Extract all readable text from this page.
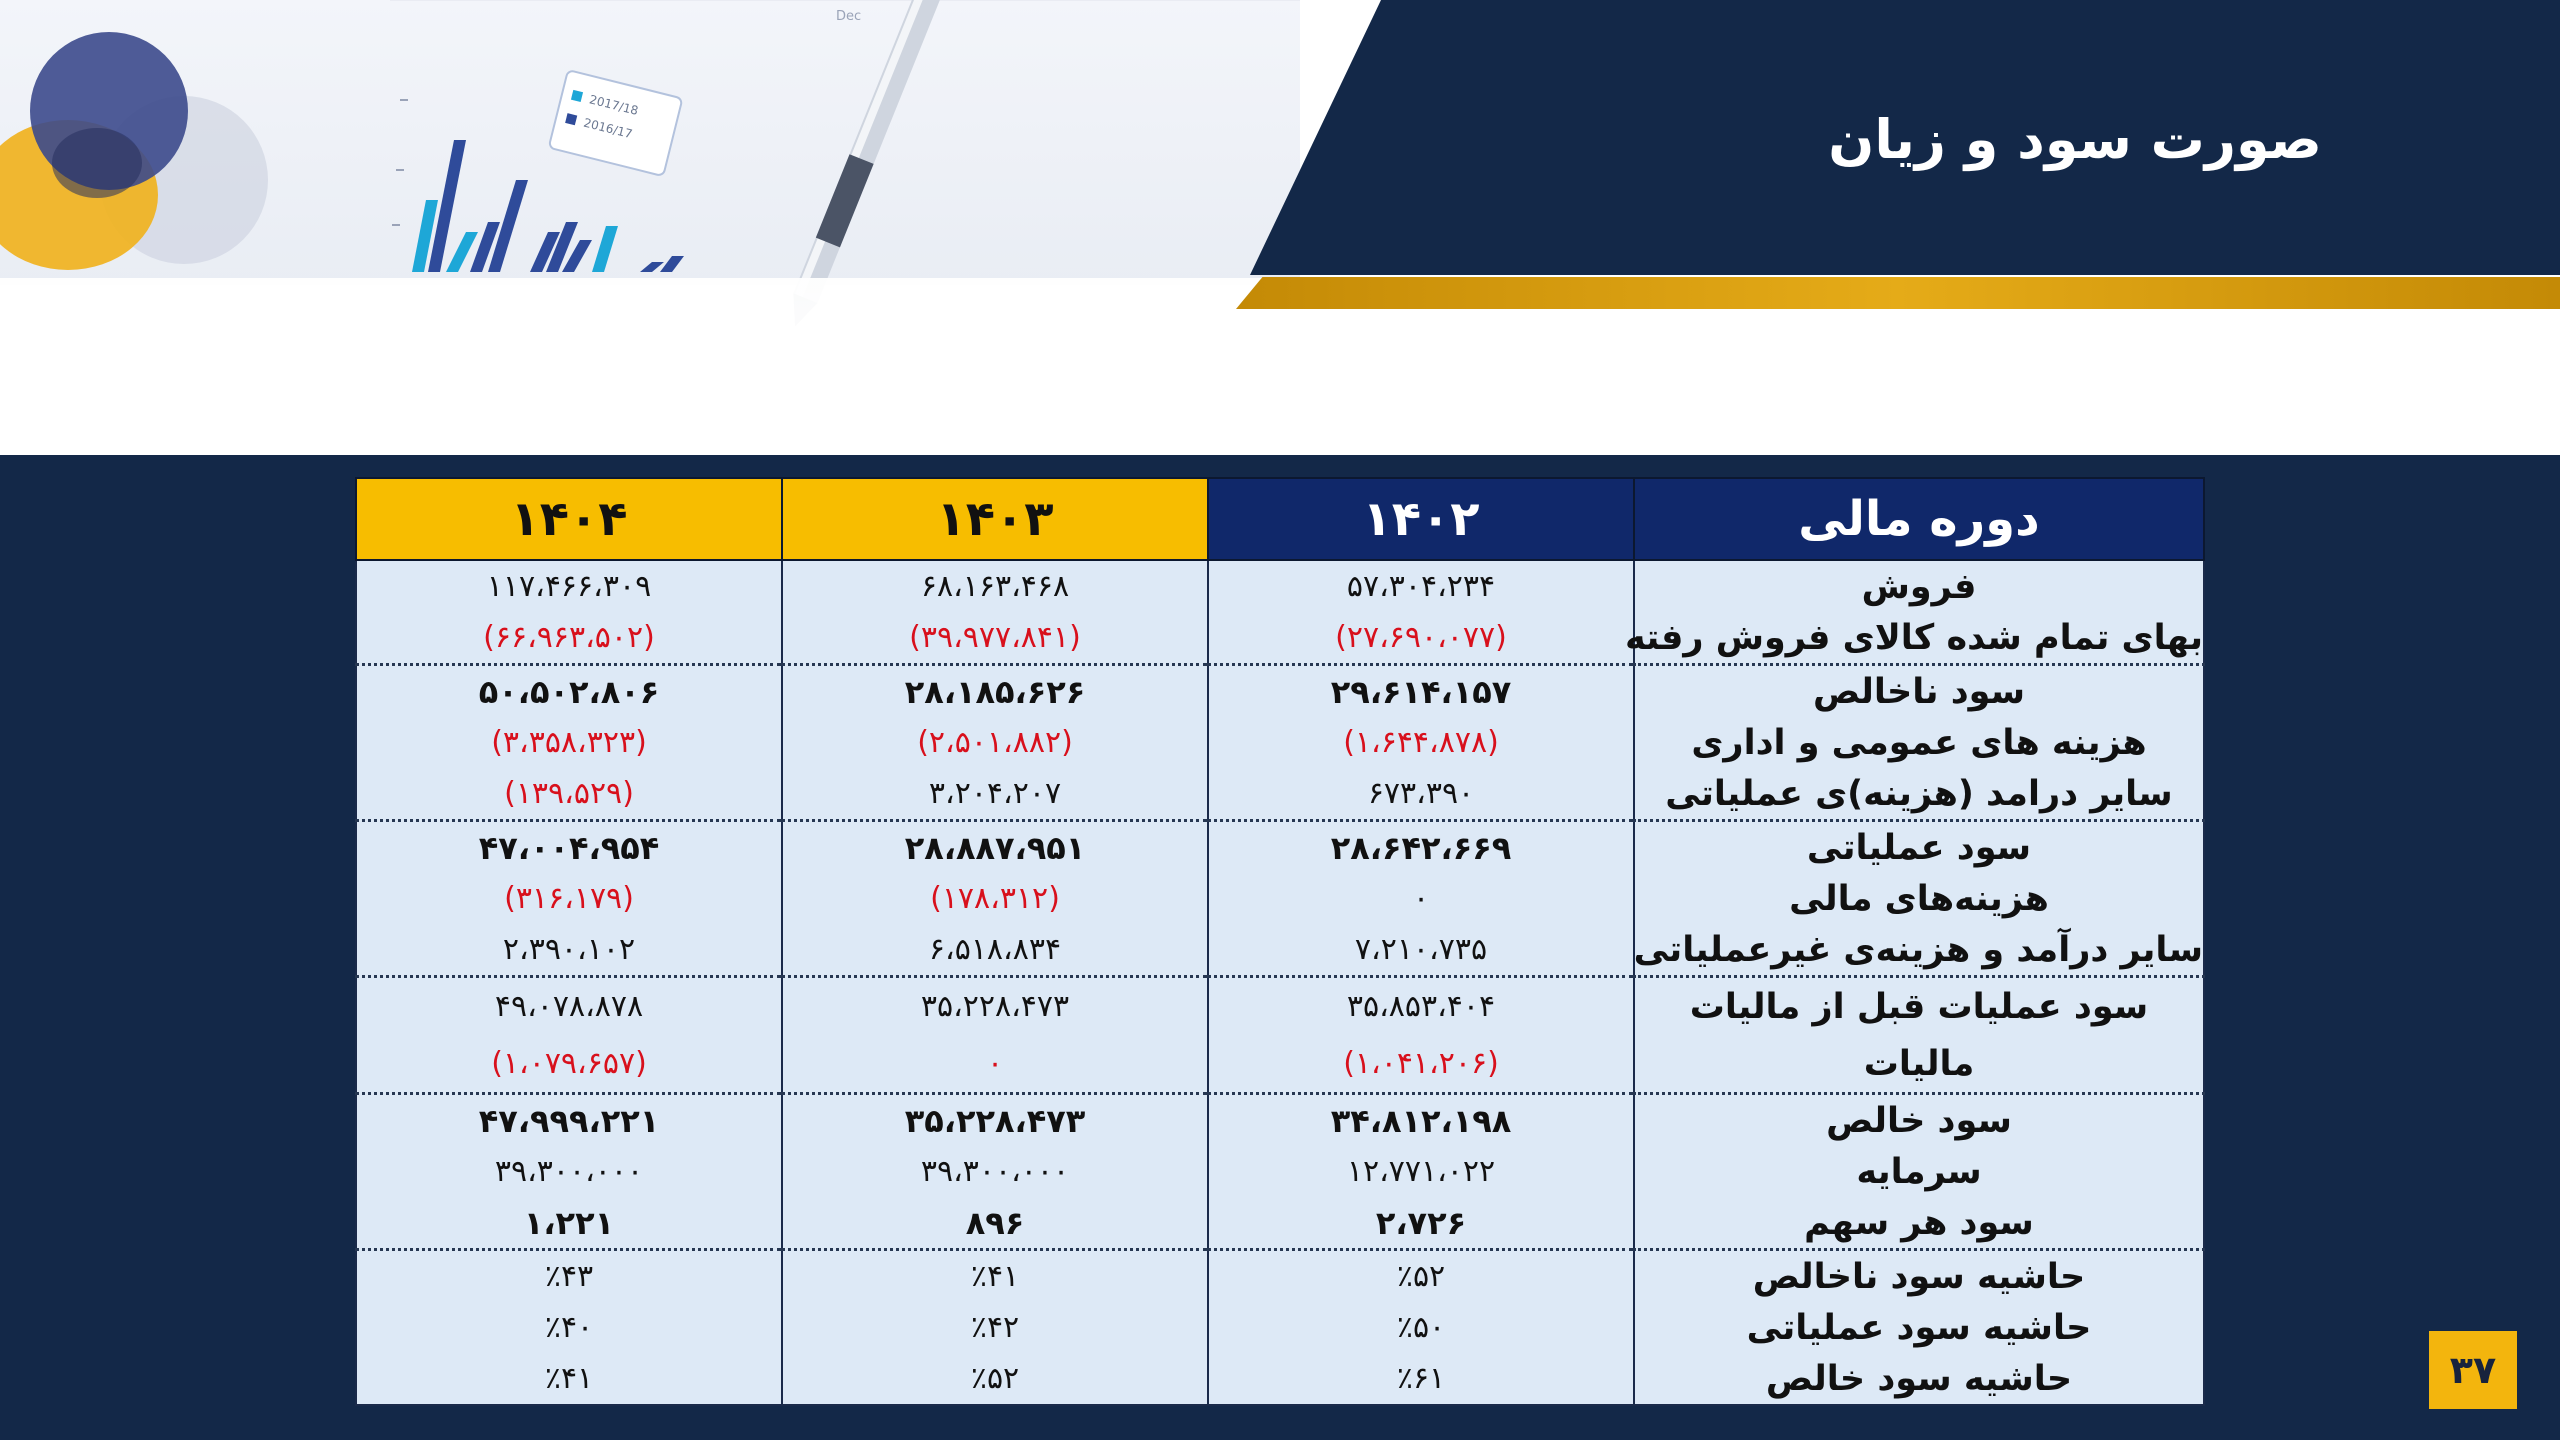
Dec
2017/18
2016/17	صورت سود و زیان
دوره مالی	۱۴۰۲	۱۴۰۳	۱۴۰۴
فروش	۵۷،۳۰۴،۲۳۴	۶۸،۱۶۳،۴۶۸	۱۱۷،۴۶۶،۳۰۹
بهای تمام شده کالای فروش رفته	(۲۷،۶۹۰،۰۷۷)	(۳۹،۹۷۷،۸۴۱)	(۶۶،۹۶۳،۵۰۲)
سود ناخالص	۲۹،۶۱۴،۱۵۷	۲۸،۱۸۵،۶۲۶	۵۰،۵۰۲،۸۰۶
هزینه های عمومی و اداری	(۱،۶۴۴،۸۷۸)	(۲،۵۰۱،۸۸۲)	(۳،۳۵۸،۳۲۳)
سایر درامد (هزینه)ی عملیاتی	۶۷۳،۳۹۰	۳،۲۰۴،۲۰۷	(۱۳۹،۵۲۹)
سود عملیاتی	۲۸،۶۴۲،۶۶۹	۲۸،۸۸۷،۹۵۱	۴۷،۰۰۴،۹۵۴
هزینه‌های مالی	۰	(۱۷۸،۳۱۲)	(۳۱۶،۱۷۹)
سایر درآمد و هزینه‌ی غیرعملیاتی	۷،۲۱۰،۷۳۵	۶،۵۱۸،۸۳۴	۲،۳۹۰،۱۰۲
سود عملیات قبل از مالیات	۳۵،۸۵۳،۴۰۴	۳۵،۲۲۸،۴۷۳	۴۹،۰۷۸،۸۷۸
مالیات	(۱،۰۴۱،۲۰۶)	۰	(۱،۰۷۹،۶۵۷)
سود خالص	۳۴،۸۱۲،۱۹۸	۳۵،۲۲۸،۴۷۳	۴۷،۹۹۹،۲۲۱
سرمایه	۱۲،۷۷۱،۰۲۲	۳۹،۳۰۰،۰۰۰	۳۹،۳۰۰،۰۰۰
سود هر سهم	۲،۷۲۶	۸۹۶	۱،۲۲۱
حاشیه سود ناخالص	٪۵۲	٪۴۱	٪۴۳
حاشیه سود عملیاتی	٪۵۰	٪۴۲	٪۴۰
حاشیه سود خالص	٪۶۱	٪۵۲	٪۴۱	۳۷
